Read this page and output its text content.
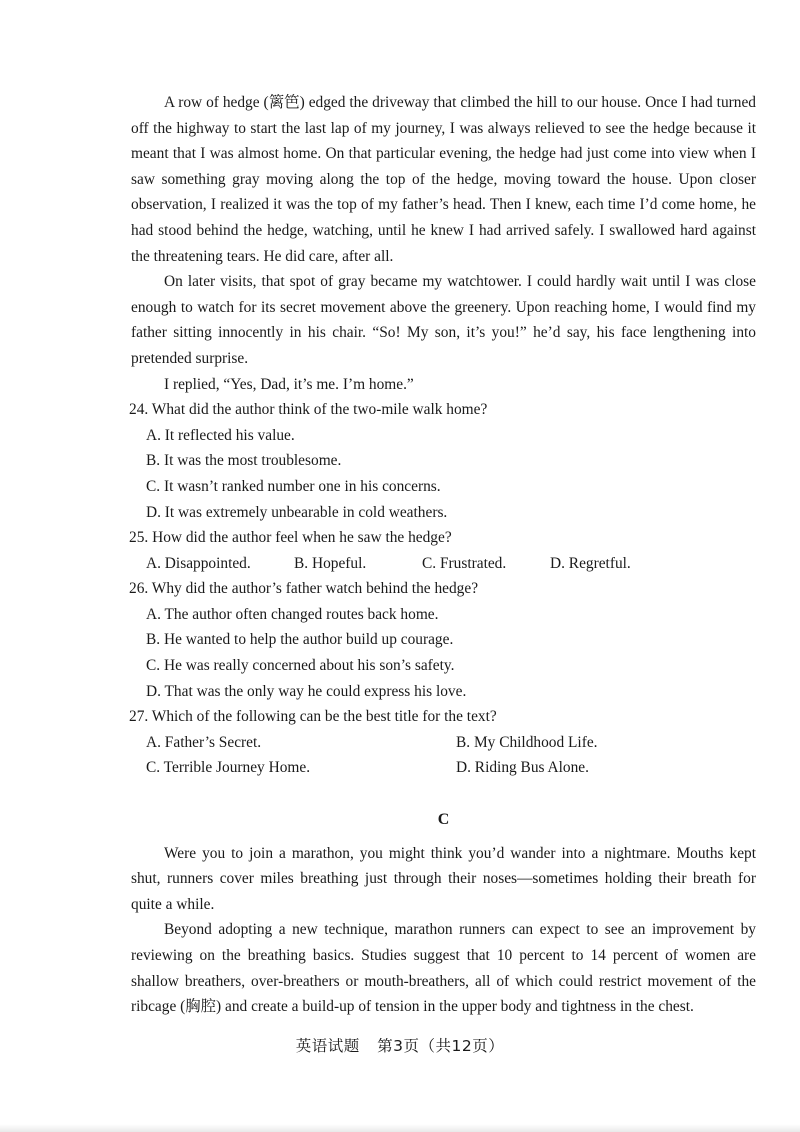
A row of hedge (篱笆) edged the driveway that climbed the hill to our house. Once I had turned off the highway to start the last lap of my journey, I was always relieved to see the hedge because it meant that I was almost home. On that particular evening, the hedge had just come into view when I saw something gray moving along the top of the hedge, moving toward the house. Upon closer observation, I realized it was the top of my father’s head. Then I knew, each time I’d come home, he had stood behind the hedge, watching, until he knew I had arrived safely. I swallowed hard against the threatening tears. He did care, after all.

On later visits, that spot of gray became my watchtower. I could hardly wait until I was close enough to watch for its secret movement above the greenery. Upon reaching home, I would find my father sitting innocently in his chair. “So! My son, it’s you!” he’d say, his face lengthening into pretended surprise.

I replied, “Yes, Dad, it’s me. I’m home.”

24. What did the author think of the two-mile walk home?

A. It reflected his value.

B. It was the most troublesome.

C. It wasn’t ranked number one in his concerns.

D. It was extremely unbearable in cold weathers.

25. How did the author feel when he saw the hedge?

A. Disappointed.	B. Hopeful.	C. Frustrated.	D. Regretful.

26. Why did the author’s father watch behind the hedge?

A. The author often changed routes back home.

B. He wanted to help the author build up courage.

C. He was really concerned about his son’s safety.

D. That was the only way he could express his love.

27. Which of the following can be the best title for the text?

A. Father’s Secret.	B. My Childhood Life.
C. Terrible Journey Home.	D. Riding Bus Alone.
C

Were you to join a marathon, you might think you’d wander into a nightmare. Mouths kept shut, runners cover miles breathing just through their noses—sometimes holding their breath for quite a while.

Beyond adopting a new technique, marathon runners can expect to see an improvement by reviewing on the breathing basics. Studies suggest that 10 percent to 14 percent of women are shallow breathers, over-breathers or mouth-breathers, all of which could restrict movement of the ribcage (胸腔) and create a build-up of tension in the upper body and tightness in the chest.

英语试题 第3页（共12页）
